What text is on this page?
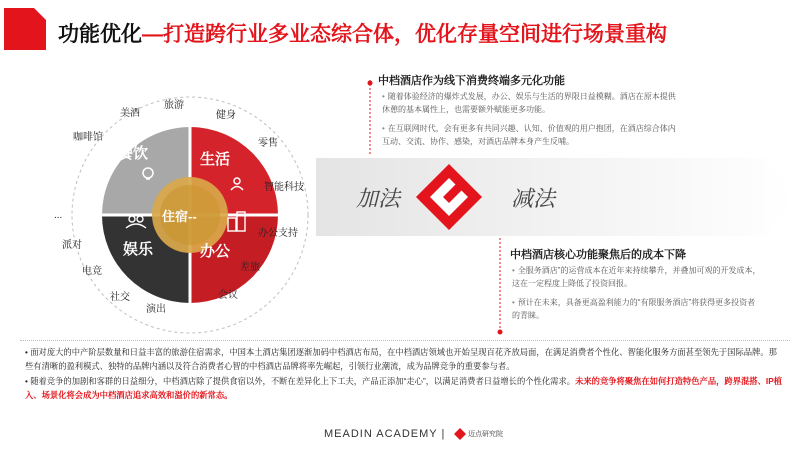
功能优化—打造跨行业多业态综合体，优化存量空间进行场景重构
餐饮	生活
娱乐	办公
住宿--
美酒
旅游
健身
咖啡馆
零售
智能科技
办公支持
...
派对
差旅
电竞
社交
演出
会议
加法	减法
中档酒店作为线下消费终端多元化功能
• 随着体验经济的爆炸式发展，办公、娱乐与生活的界限日益模糊。酒店在原本提供休憩的基本属性上，也需要额外赋能更多功能。
• 在互联网时代，会有更多有共同兴趣、认知、价值观的用户抱团，在酒店综合体内互动、交流、协作、感染，对酒店品牌本身产生反哺。
中档酒店核心功能聚焦后的成本下降
• 全服务酒店”的运营成本在近年来持续攀升，并叠加可观的开发成本，这在一定程度上降低了投资回报。
• 预计在未来，具备更高盈利能力的“有限服务酒店”将获得更多投资者的青睐。
• 面对庞大的中产阶层数量和日益丰富的旅游住宿需求，中国本土酒店集团逐渐加码中档酒店布局，在中档酒店领域也开始呈现百花齐放局面，在满足消费者个性化、智能化服务方面甚至领先于国际品牌。那些有清晰的盈利模式、独特的品牌内涵以及符合消费者心智的中档酒店品牌将率先崛起，引领行业潮流，成为品牌竞争的重要参与者。
• 随着竞争的加剧和客群的日益细分，中档酒店除了提供食宿以外，不断在差异化上下工夫，产品正添加“走心”，以满足消费者日益增长的个性化需求。未来的竞争将聚焦在如何打造特色产品，跨界混搭、IP植入、场景化将会成为中档酒店追求高效和溢价的新常态。
MEADIN ACADEMY |	迈点研究院
